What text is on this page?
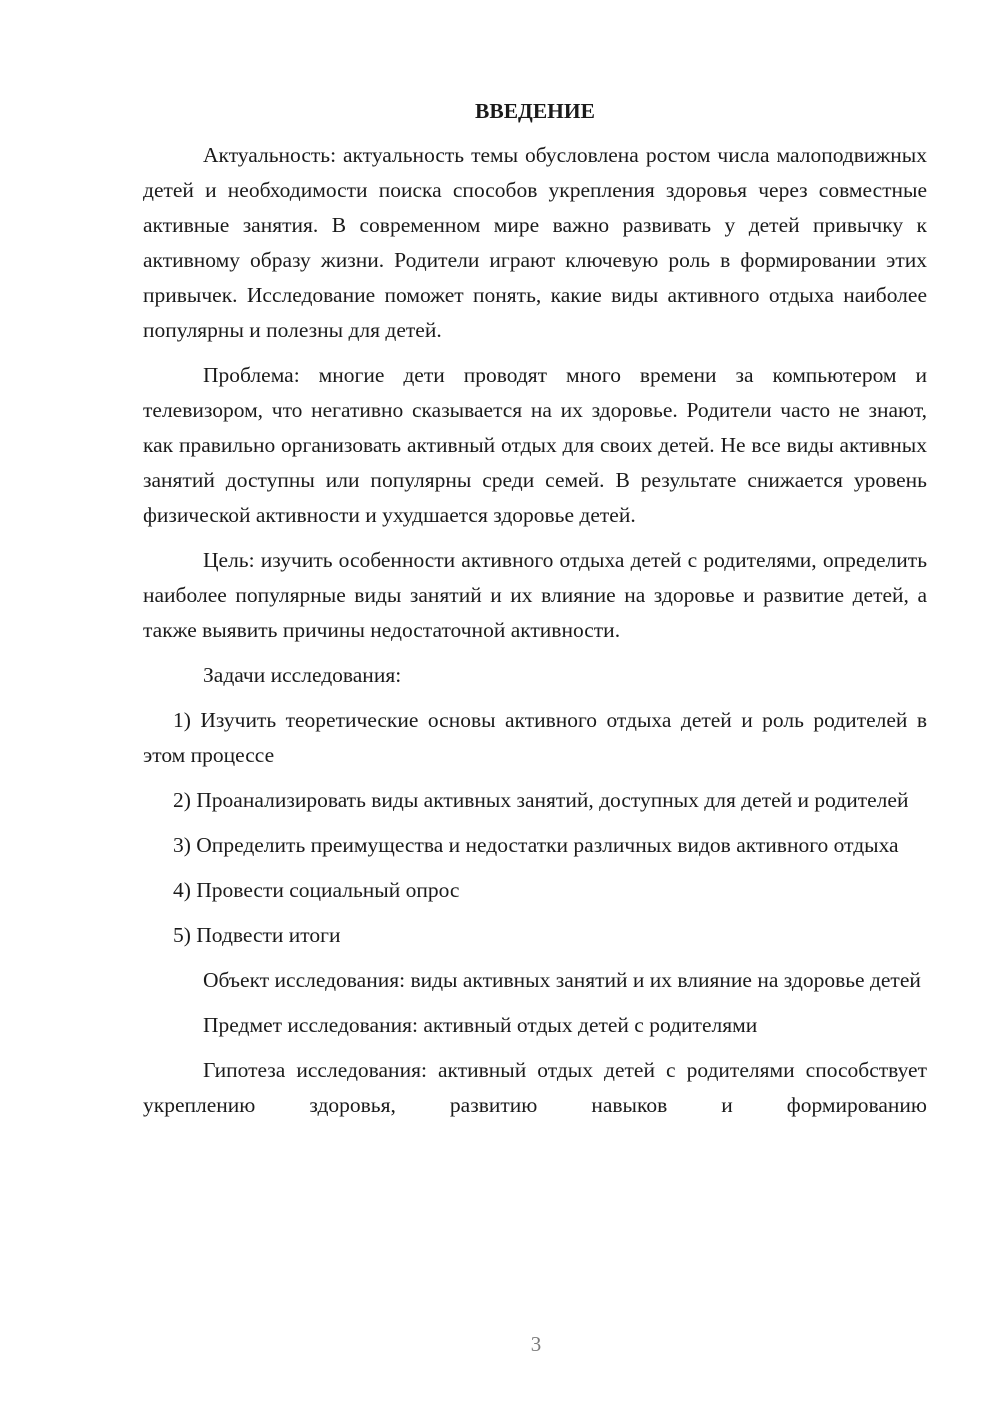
ВВЕДЕНИЕ

Актуальность: актуальность темы обусловлена ростом числа малоподвижных детей и необходимости поиска способов укрепления здоровья через совместные активные занятия. В современном мире важно развивать у детей привычку к активному образу жизни. Родители играют ключевую роль в формировании этих привычек. Исследование поможет понять, какие виды активного отдыха наиболее популярны и полезны для детей.

Проблема: многие дети проводят много времени за компьютером и телевизором, что негативно сказывается на их здоровье. Родители часто не знают, как правильно организовать активный отдых для своих детей. Не все виды активных занятий доступны или популярны среди семей. В результате снижается уровень физической активности и ухудшается здоровье детей.

Цель: изучить особенности активного отдыха детей с родителями, определить наиболее популярные виды занятий и их влияние на здоровье и развитие детей, а также выявить причины недостаточной активности.

Задачи исследования:

1) Изучить теоретические основы активного отдыха детей и роль родителей в этом процессе

2) Проанализировать виды активных занятий, доступных для детей и родителей

3) Определить преимущества и недостатки различных видов активного отдыха

4) Провести социальный опрос

5) Подвести итоги

Объект исследования: виды активных занятий и их влияние на здоровье детей

Предмет исследования: активный отдых детей с родителями

Гипотеза исследования: активный отдых детей с родителями способствует укреплению здоровья, развитию навыков и формированию

3
